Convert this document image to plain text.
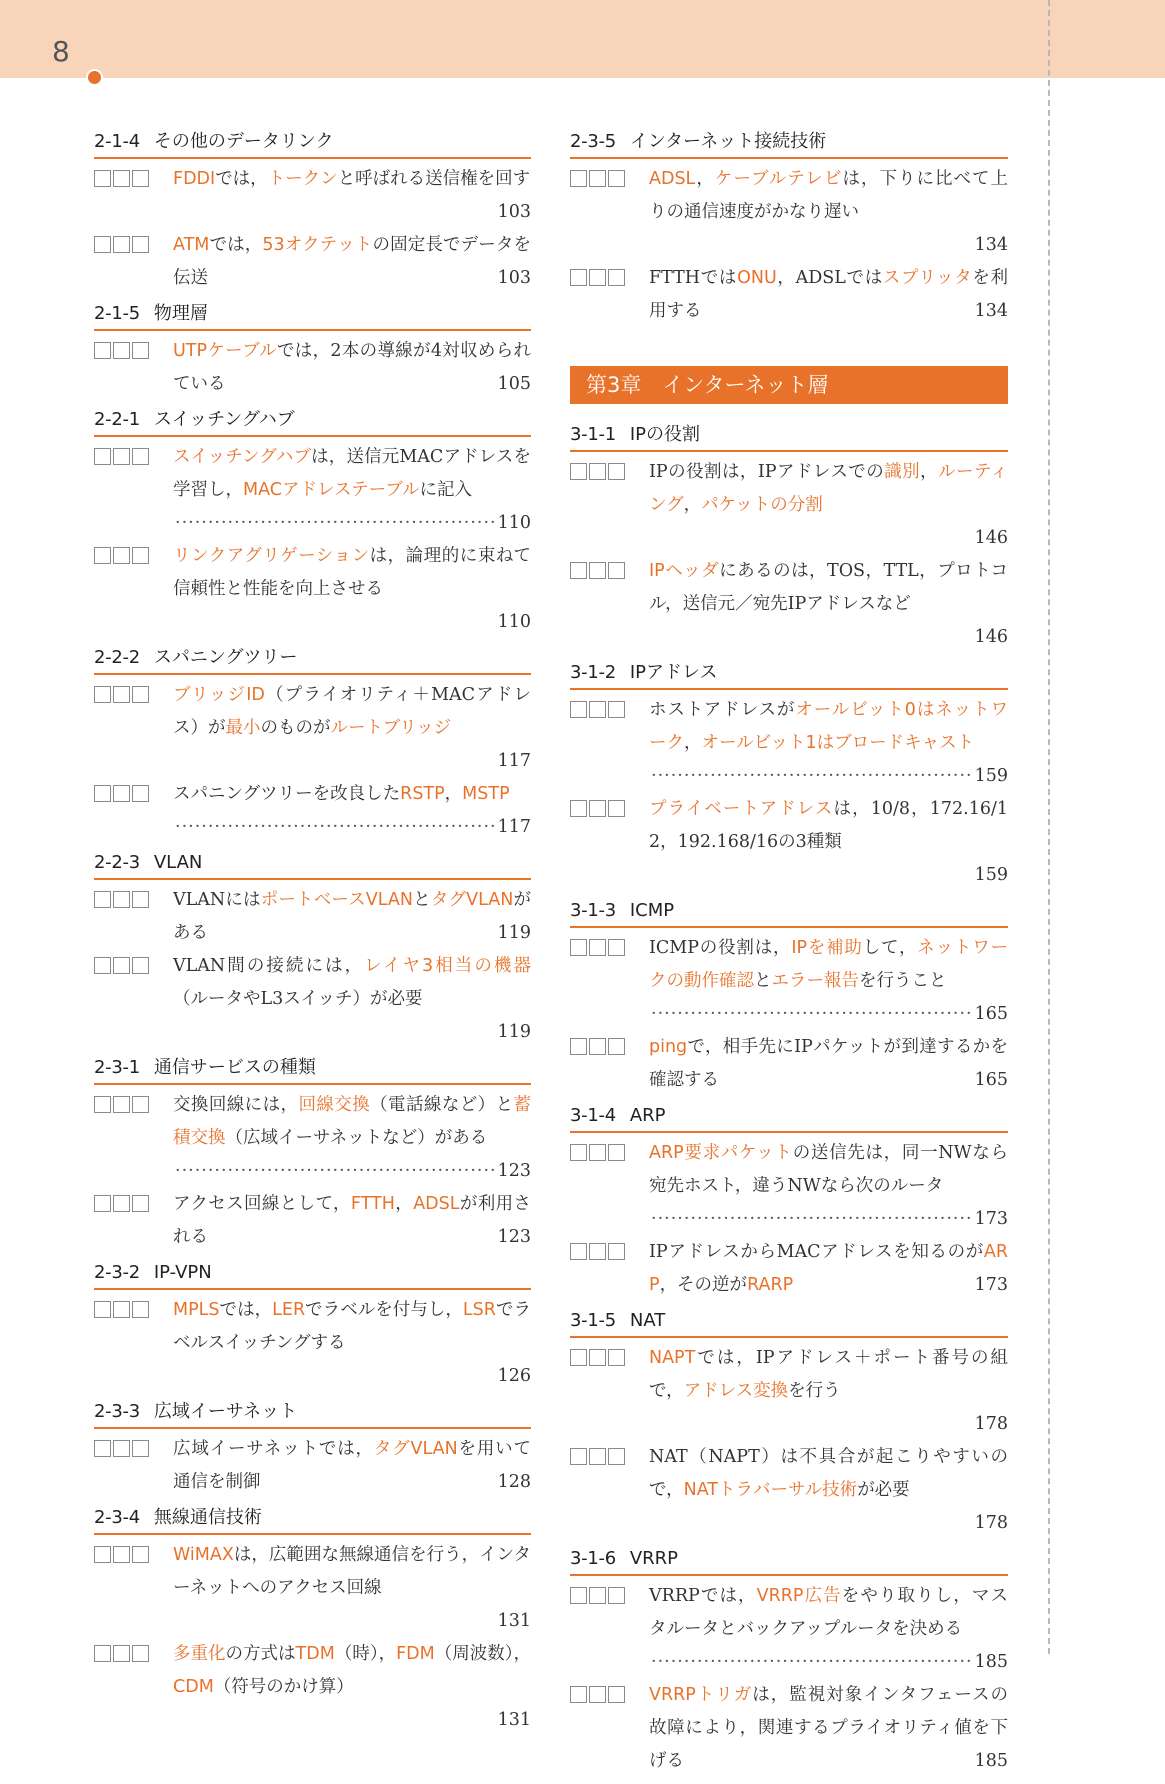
8
2-1-4 その他のデータリンク
FDDIでは，トークンと呼ばれる送信権を回す
103
ATMでは，53オクテットの固定長でデータを伝送	103
2-1-5 物理層
UTPケーブルでは，2本の導線が4対収められている	105
2-2-1 スイッチングハブ
スイッチングハブは，送信元MACアドレスを学習し，MACアドレステーブルに記入
·····
110
リンクアグリゲーションは，論理的に束ねて信頼性と性能を向上させる
110
2-2-2 スパニングツリー
ブリッジID（プライオリティ＋MACアドレス）が最小のものがルートブリッジ
117
スパニングツリーを改良したRSTP，MSTP
·····
117
2-2-3 VLAN
VLANにはポートベースVLANとタグVLANがある	119
VLAN間の接続には，レイヤ3相当の機器（ルータやL3スイッチ）が必要
119
2-3-1 通信サービスの種類
交換回線には，回線交換（電話線など）と蓄積交換（広域イーサネットなど）がある
·····
123
アクセス回線として，FTTH，ADSLが利用される	123
2-3-2 IP-VPN
MPLSでは，LERでラベルを付与し，LSRでラベルスイッチングする
126
2-3-3 広域イーサネット
広域イーサネットでは，タグVLANを用いて通信を制御	128
2-3-4 無線通信技術
WiMAXは，広範囲な無線通信を行う，インターネットへのアクセス回線
131
多重化の方式はTDM（時），FDM（周波数），CDM（符号のかけ算）
131
2-3-5 インターネット接続技術
ADSL，ケーブルテレビは，下りに比べて上りの通信速度がかなり遅い
134
FTTHではONU，ADSLではスプリッタを利用する	134
第3章　インターネット層
3-1-1 IPの役割
IPの役割は，IPアドレスでの識別，ルーティング，パケットの分割
146
IPヘッダにあるのは，TOS，TTL，プロトコル，送信元／宛先IPアドレスなど
146
3-1-2 IPアドレス
ホストアドレスがオールビット0はネットワーク，オールビット1はブロードキャスト
·····
159
プライベートアドレスは，10/8，172.16/12，192.168/16の3種類
159
3-1-3 ICMP
ICMPの役割は，IPを補助して，ネットワークの動作確認とエラー報告を行うこと
·····
165
pingで，相手先にIPパケットが到達するかを確認する	165
3-1-4 ARP
ARP要求パケットの送信先は，同一NWなら宛先ホスト，違うNWなら次のルータ
·····
173
IPアドレスからMACアドレスを知るのがARP，その逆がRARP	173
3-1-5 NAT
NAPTでは，IPアドレス＋ポート番号の組で，アドレス変換を行う
178
NAT（NAPT）は不具合が起こりやすいので，NATトラバーサル技術が必要
178
3-1-6 VRRP
VRRPでは，VRRP広告をやり取りし，マスタルータとバックアップルータを決める
·····
185
VRRPトリガは，監視対象インタフェースの故障により，関連するプライオリティ値を下げる	185
